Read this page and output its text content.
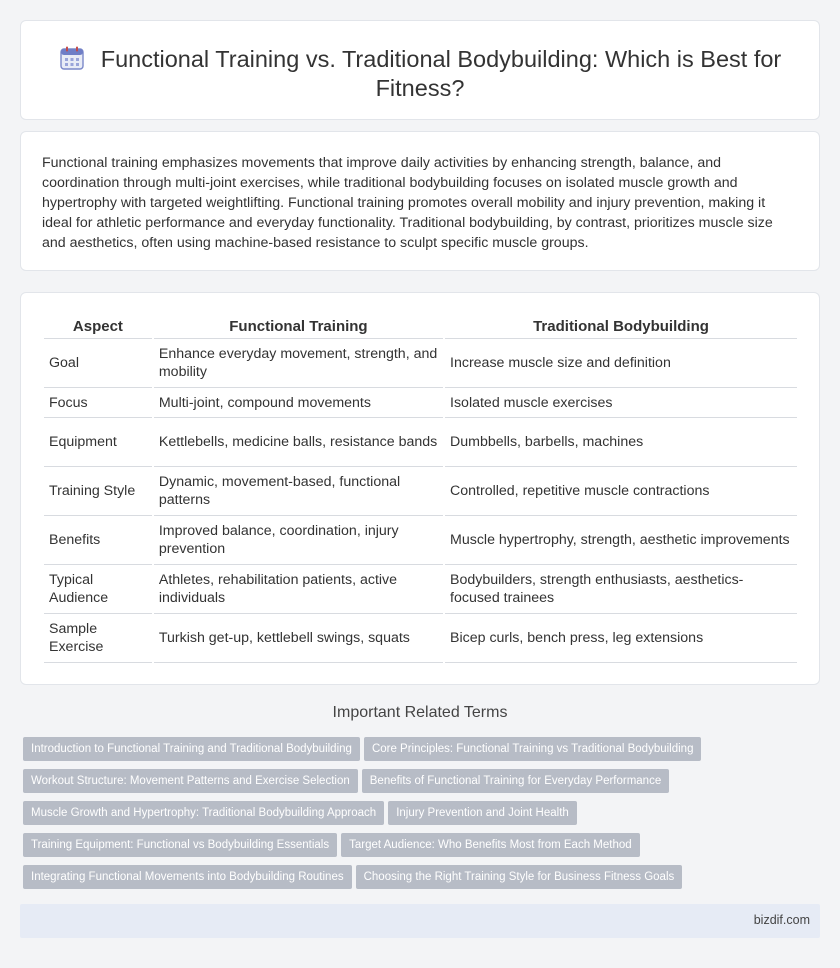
Functional Training vs. Traditional Bodybuilding: Which is Best for Fitness?

Functional training emphasizes movements that improve daily activities by enhancing strength, balance, and coordination through multi-joint exercises, while traditional bodybuilding focuses on isolated muscle growth and hypertrophy with targeted weightlifting. Functional training promotes overall mobility and injury prevention, making it ideal for athletic performance and everyday functionality. Traditional bodybuilding, by contrast, prioritizes muscle size and aesthetics, often using machine-based resistance to sculpt specific muscle groups.

Aspect	Functional Training	Traditional Bodybuilding
Goal	Enhance everyday movement, strength, and mobility	Increase muscle size and definition
Focus	Multi-joint, compound movements	Isolated muscle exercises
Equipment	Kettlebells, medicine balls, resistance bands	Dumbbells, barbells, machines
Training Style	Dynamic, movement-based, functional patterns	Controlled, repetitive muscle contractions
Benefits	Improved balance, coordination, injury prevention	Muscle hypertrophy, strength, aesthetic improvements
Typical Audience	Athletes, rehabilitation patients, active individuals	Bodybuilders, strength enthusiasts, aesthetics-focused trainees
Sample Exercise	Turkish get-up, kettlebell swings, squats	Bicep curls, bench press, leg extensions
Important Related Terms
Introduction to Functional Training and Traditional Bodybuilding Core Principles: Functional Training vs Traditional Bodybuilding
Workout Structure: Movement Patterns and Exercise Selection Benefits of Functional Training for Everyday Performance
Muscle Growth and Hypertrophy: Traditional Bodybuilding Approach Injury Prevention and Joint Health
Training Equipment: Functional vs Bodybuilding Essentials Target Audience: Who Benefits Most from Each Method
Integrating Functional Movements into Bodybuilding Routines Choosing the Right Training Style for Business Fitness Goals
bizdif.com
